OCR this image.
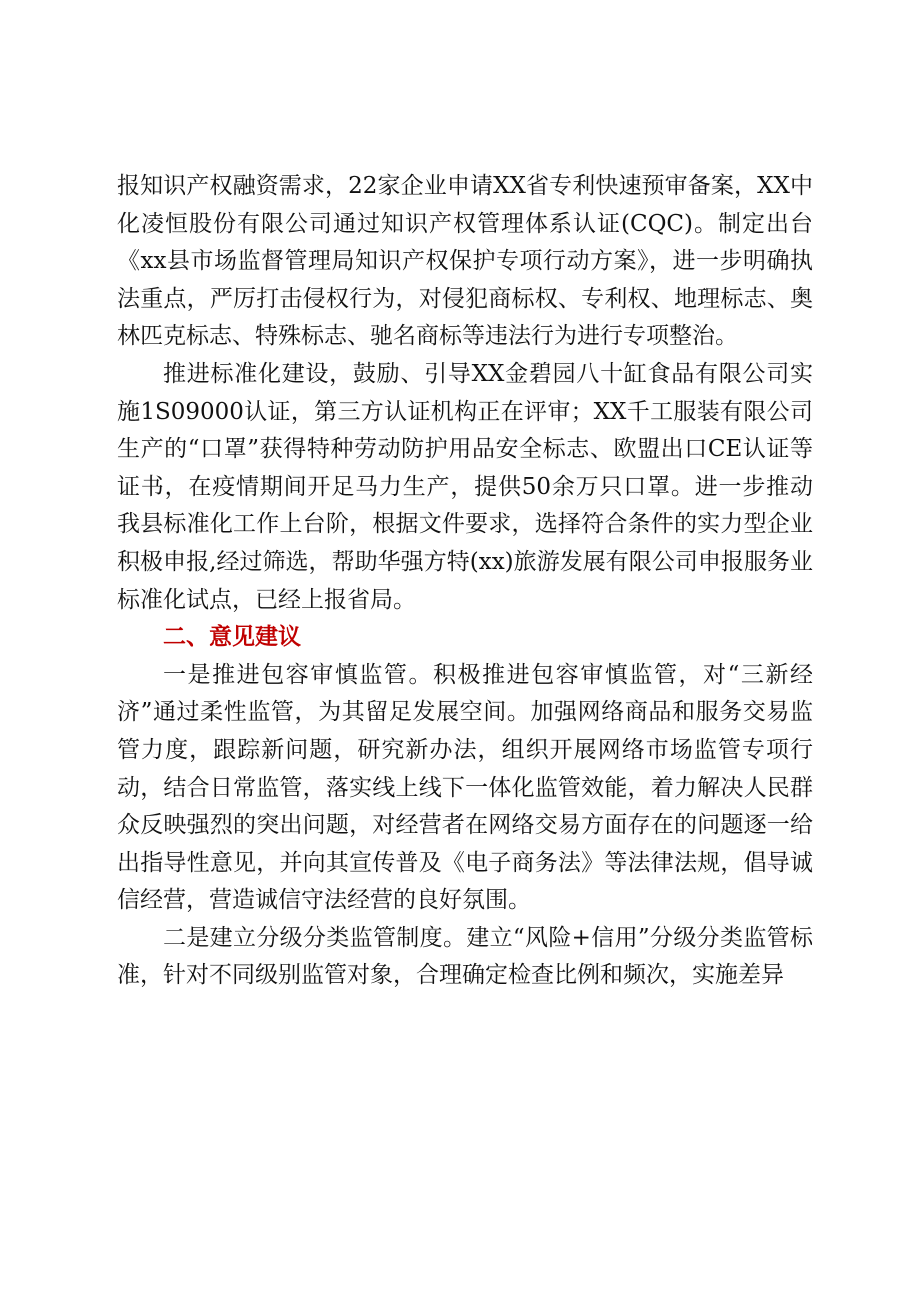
报知识产权融资需求，22家企业申请XX省专利快速预审备案，XX中化凌恒股份有限公司通过知识产权管理体系认证(CQC)。制定出台《xx县市场监督管理局知识产权保护专项行动方案》，进一步明确执法重点，严厉打击侵权行为，对侵犯商标权、专利权、地理标志、奥林匹克标志、特殊标志、驰名商标等违法行为进行专项整治。

推进标准化建设，鼓励、引导XX金碧园八十缸食品有限公司实施1S09000认证，第三方认证机构正在评审；XX千工服装有限公司生产的“口罩”获得特种劳动防护用品安全标志、欧盟出口CE认证等证书，在疫情期间开足马力生产，提供50余万只口罩。进一步推动我县标准化工作上台阶，根据文件要求，选择符合条件的实力型企业积极申报,经过筛选，帮助华强方特(xx)旅游发展有限公司申报服务业标准化试点，已经上报省局。

二、意见建议

一是推进包容审慎监管。积极推进包容审慎监管，对“三新经济”通过柔性监管，为其留足发展空间。加强网络商品和服务交易监管力度，跟踪新问题，研究新办法，组织开展网络市场监管专项行动，结合日常监管，落实线上线下一体化监管效能，着力解决人民群众反映强烈的突出问题，对经营者在网络交易方面存在的问题逐一给出指导性意见，并向其宣传普及《电子商务法》等法律法规，倡导诚信经营，营造诚信守法经营的良好氛围。

二是建立分级分类监管制度。建立“风险+信用”分级分类监管标准，针对不同级别监管对象，合理确定检查比例和频次，实施差异
